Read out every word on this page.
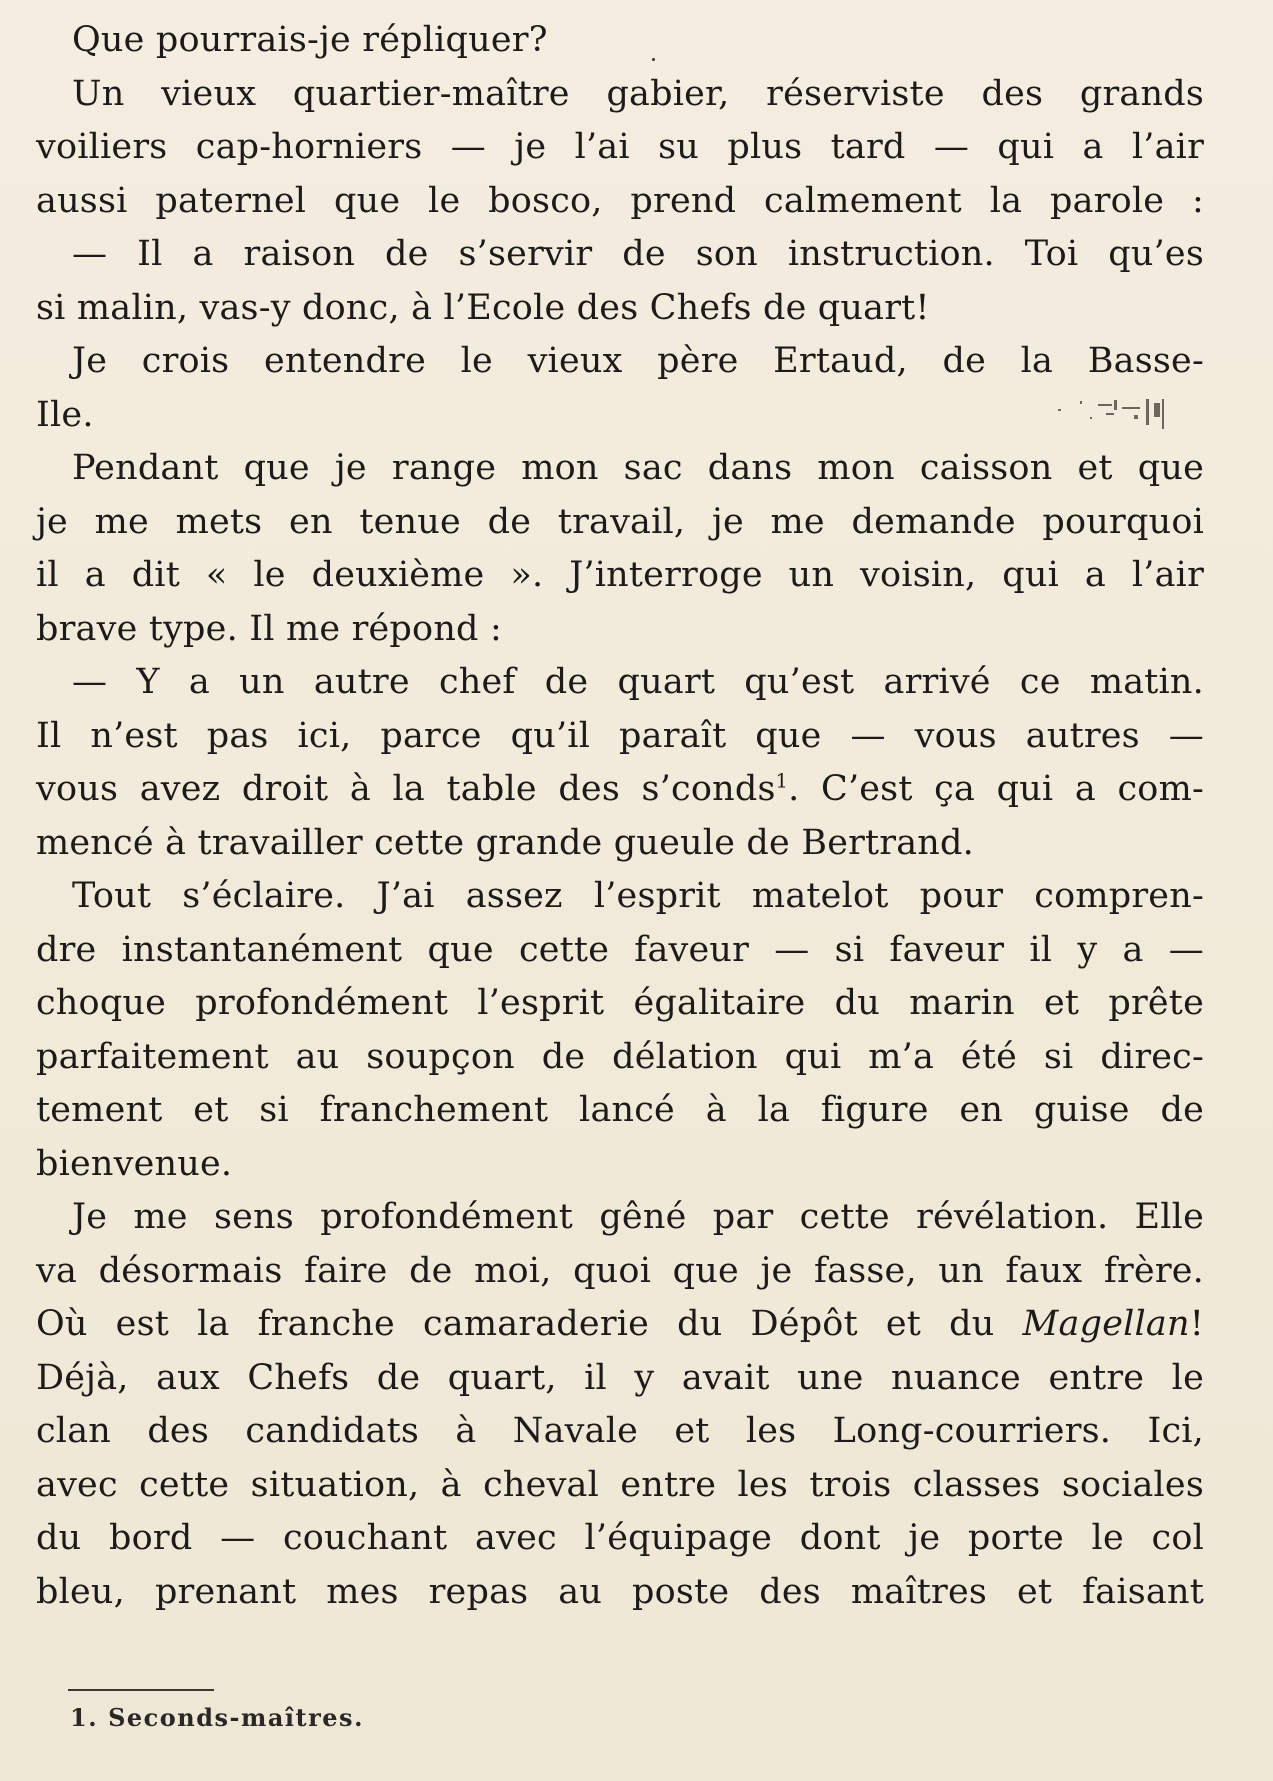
Que pourrais-je répliquer?
Un vieux quartier-maître gabier, réserviste des grands
voiliers cap-horniers — je l’ai su plus tard — qui a l’air
aussi paternel que le bosco, prend calmement la parole :
— Il a raison de s’servir de son instruction. Toi qu’es
si malin, vas-y donc, à l’Ecole des Chefs de quart!
Je crois entendre le vieux père Ertaud, de la Basse-
Ile.
Pendant que je range mon sac dans mon caisson et que
je me mets en tenue de travail, je me demande pourquoi
il a dit « le deuxième ». J’interroge un voisin, qui a l’air
brave type. Il me répond :
— Y a un autre chef de quart qu’est arrivé ce matin.
Il n’est pas ici, parce qu’il paraît que — vous autres —
vous avez droit à la table des s’conds$^1$. C’est ça qui a com-
mencé à travailler cette grande gueule de Bertrand.
Tout s’éclaire. J’ai assez l’esprit matelot pour compren-
dre instantanément que cette faveur — si faveur il y a —
choque profondément l’esprit égalitaire du marin et prête
parfaitement au soupçon de délation qui m’a été si direc-
tement et si franchement lancé à la figure en guise de
bienvenue.
Je me sens profondément gêné par cette révélation. Elle
va désormais faire de moi, quoi que je fasse, un faux frère.
Où est la franche camaraderie du Dépôt et du Magellan!
Déjà, aux Chefs de quart, il y avait une nuance entre le
clan des candidats à Navale et les Long-courriers. Ici,
avec cette situation, à cheval entre les trois classes sociales
du bord — couchant avec l’équipage dont je porte le col
bleu, prenant mes repas au poste des maîtres et faisant
1. Seconds-maîtres.
